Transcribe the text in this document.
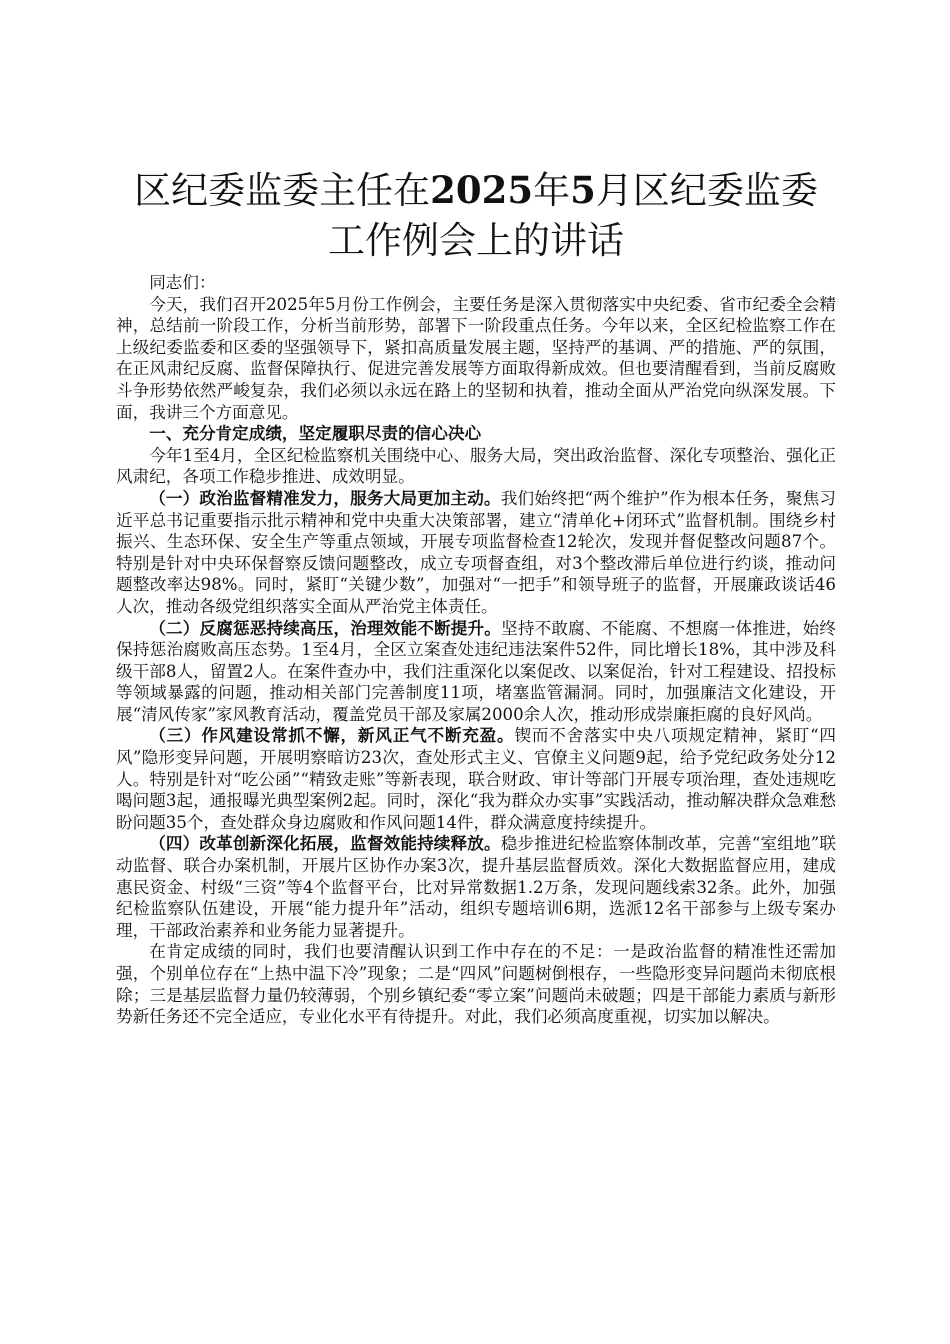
区纪委监委主任在2025年5月区纪委监委工作例会上的讲话

同志们：

今天，我们召开2025年5月份工作例会，主要任务是深入贯彻落实中央纪委、省市纪委全会精神，总结前一阶段工作，分析当前形势，部署下一阶段重点任务。今年以来，全区纪检监察工作在上级纪委监委和区委的坚强领导下，紧扣高质量发展主题，坚持严的基调、严的措施、严的氛围，在正风肃纪反腐、监督保障执行、促进完善发展等方面取得新成效。但也要清醒看到，当前反腐败斗争形势依然严峻复杂，我们必须以永远在路上的坚韧和执着，推动全面从严治党向纵深发展。下面，我讲三个方面意见。

一、充分肯定成绩，坚定履职尽责的信心决心

今年1至4月，全区纪检监察机关围绕中心、服务大局，突出政治监督、深化专项整治、强化正风肃纪，各项工作稳步推进、成效明显。

（一）政治监督精准发力，服务大局更加主动。我们始终把“两个维护”作为根本任务，聚焦习近平总书记重要指示批示精神和党中央重大决策部署，建立“清单化+闭环式”监督机制。围绕乡村振兴、生态环保、安全生产等重点领域，开展专项监督检查12轮次，发现并督促整改问题87个。特别是针对中央环保督察反馈问题整改，成立专项督查组，对3个整改滞后单位进行约谈，推动问题整改率达98%。同时，紧盯“关键少数”，加强对“一把手”和领导班子的监督，开展廉政谈话46人次，推动各级党组织落实全面从严治党主体责任。

（二）反腐惩恶持续高压，治理效能不断提升。坚持不敢腐、不能腐、不想腐一体推进，始终保持惩治腐败高压态势。1至4月，全区立案查处违纪违法案件52件，同比增长18%，其中涉及科级干部8人，留置2人。在案件查办中，我们注重深化以案促改、以案促治，针对工程建设、招投标等领域暴露的问题，推动相关部门完善制度11项，堵塞监管漏洞。同时，加强廉洁文化建设，开展“清风传家”家风教育活动，覆盖党员干部及家属2000余人次，推动形成崇廉拒腐的良好风尚。

（三）作风建设常抓不懈，新风正气不断充盈。锲而不舍落实中央八项规定精神，紧盯“四风”隐形变异问题，开展明察暗访23次，查处形式主义、官僚主义问题9起，给予党纪政务处分12人。特别是针对“吃公函”“精致走账”等新表现，联合财政、审计等部门开展专项治理，查处违规吃喝问题3起，通报曝光典型案例2起。同时，深化“我为群众办实事”实践活动，推动解决群众急难愁盼问题35个，查处群众身边腐败和作风问题14件，群众满意度持续提升。

（四）改革创新深化拓展，监督效能持续释放。稳步推进纪检监察体制改革，完善“室组地”联动监督、联合办案机制，开展片区协作办案3次，提升基层监督质效。深化大数据监督应用，建成惠民资金、村级“三资”等4个监督平台，比对异常数据1.2万条，发现问题线索32条。此外，加强纪检监察队伍建设，开展“能力提升年”活动，组织专题培训6期，选派12名干部参与上级专案办理，干部政治素养和业务能力显著提升。

在肯定成绩的同时，我们也要清醒认识到工作中存在的不足：一是政治监督的精准性还需加强，个别单位存在“上热中温下冷”现象；二是“四风”问题树倒根存，一些隐形变异问题尚未彻底根除；三是基层监督力量仍较薄弱，个别乡镇纪委“零立案”问题尚未破题；四是干部能力素质与新形势新任务还不完全适应，专业化水平有待提升。对此，我们必须高度重视，切实加以解决。
